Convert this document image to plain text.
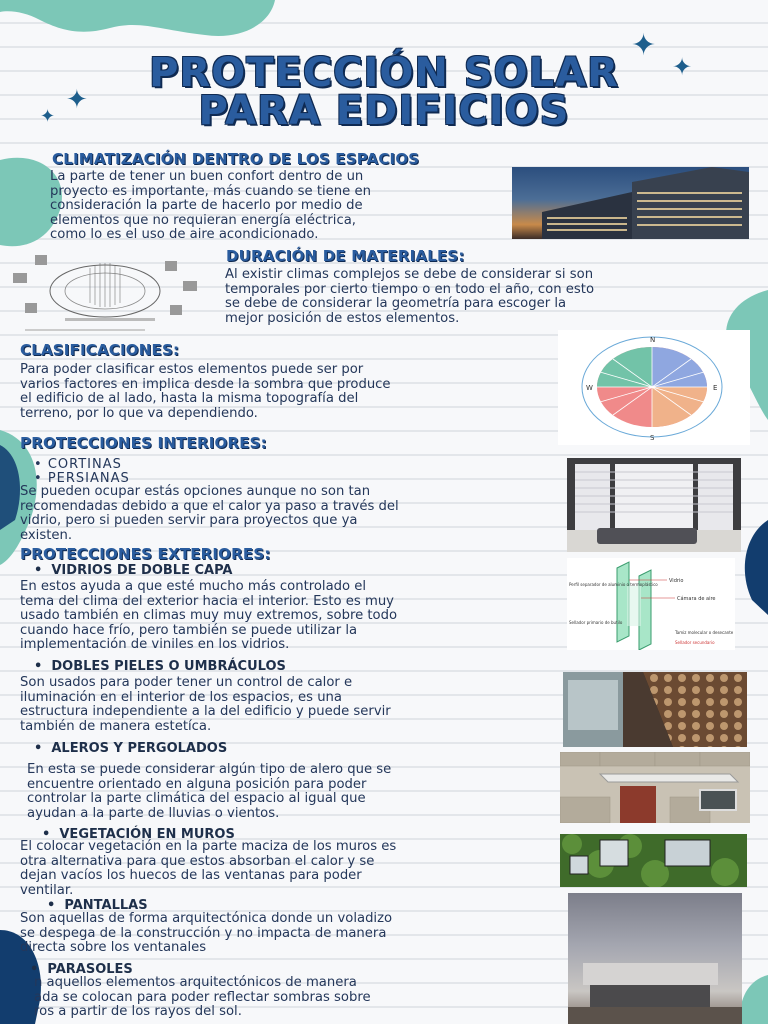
✦
✦
✦
✦
PROTECCIÓN SOLAR
PARA EDIFICIOS
CLIMATIZACIÓN DENTRO DE LOS ESPACIOS
La parte de tener un buen confort dentro de un
proyecto es importante, más cuando se tiene en
consideración la parte de hacerlo por medio de
elementos que no requieran energía eléctrica,
como lo es el uso de aire acondicionado.
DURACIÓN DE MATERIALES:
Al existir climas complejos se debe de considerar si son
temporales por cierto tiempo o en todo el año, con esto
se debe de considerar la geometría para escoger la
mejor posición de estos elementos.
CLASIFICACIONES:
Para poder clasificar estos elementos puede ser por
varios factores en implica desde la sombra que produce
el edificio de al lado, hasta la misma topografía del
terreno, por lo que va dependiendo.
W	E
N
S
PROTECCIONES INTERIORES:
• CORTINAS
• PERSIANAS
Se pueden ocupar estás opciones aunque no son tan
recomendadas debido a que el calor ya paso a través del
vidrio, pero si pueden servir para proyectos que ya
existen.
PROTECCIONES EXTERIORES:
•  VIDRIOS DE DOBLE CAPA
En estos ayuda a que esté mucho más controlado el
tema del clima del exterior hacia el interior. Esto es muy
usado también en climas muy muy extremos, sobre todo
cuando hace frío, pero también se puede utilizar la
implementación de viniles en los vidrios.
Vidrio
Cámara de aire
Perfil separador de aluminio o termoplástico
Sellador primario de butilo
Tamiz molecular o desecante
Sellador secundario
•  DOBLES PIELES O UMBRÁCULOS
Son usados para poder tener un control de calor e
iluminación en el interior de los espacios, es una
estructura independiente a la del edificio y puede servir
también de manera estetíca.
•  ALEROS Y PERGOLADOS
En esta se puede considerar algún tipo de alero que se
encuentre orientado en alguna posición para poder
controlar la parte climática del espacio al igual que
ayudan a la parte de lluvias o vientos.
•  VEGETACIÓN EN MUROS
El colocar vegetación en la parte maciza de los muros es
otra alternativa para que estos absorban el calor y se
dejan vacíos los huecos de las ventanas para poder
ventilar.
•  PANTALLAS
Son aquellas de forma arquitectónica donde un voladizo
se despega de la construcción y no impacta de manera
directa sobre los ventanales
•  PARASOLES
n aquellos elementos arquitectónicos de manera
ada se colocan para poder reflectar sombras sobre
ros a partir de los rayos del sol.
